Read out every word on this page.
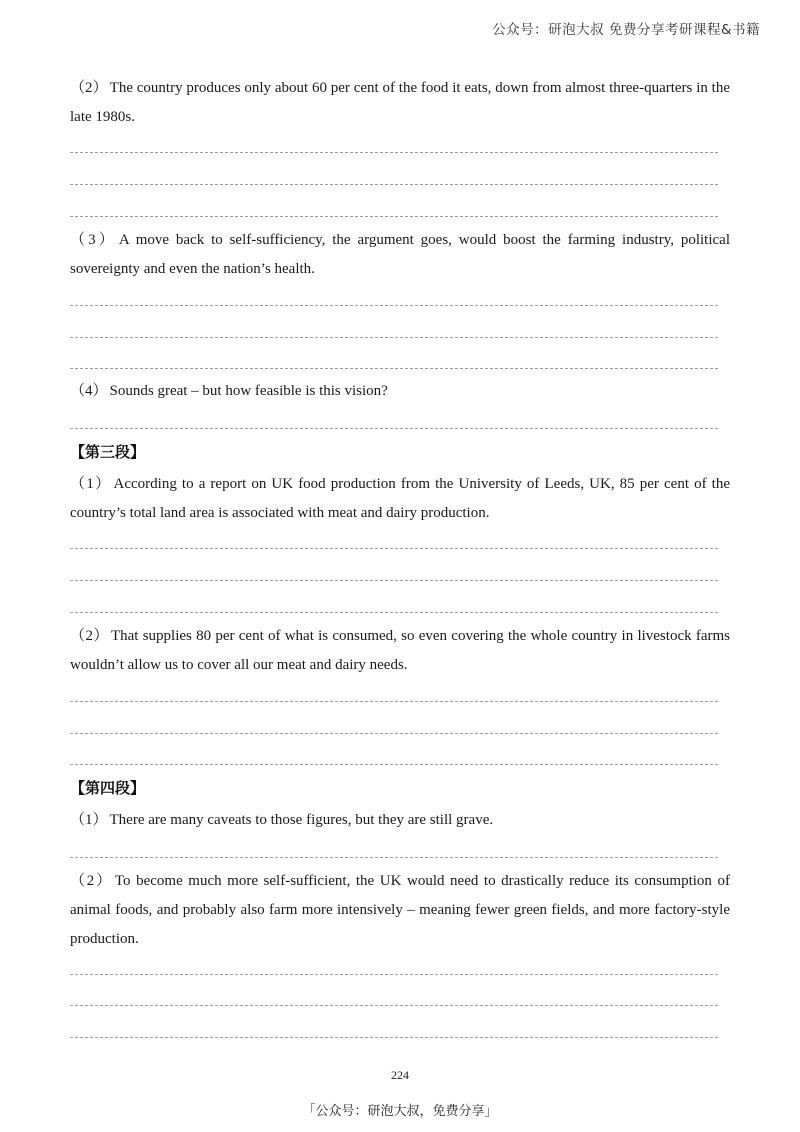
公众号：研泡大叔 免费分享考研课程&书籍
（2） The country produces only about 60 per cent of the food it eats, down from almost three-quarters in the late 1980s.
（3） A move back to self-sufficiency, the argument goes, would boost the farming industry, political sovereignty and even the nation’s health.
（4） Sounds great – but how feasible is this vision?
【第三段】
（1） According to a report on UK food production from the University of Leeds, UK, 85 per cent of the country’s total land area is associated with meat and dairy production.
（2） That supplies 80 per cent of what is consumed, so even covering the whole country in livestock farms wouldn’t allow us to cover all our meat and dairy needs.
【第四段】
（1） There are many caveats to those figures, but they are still grave.
（2） To become much more self-sufficient, the UK would need to drastically reduce its consumption of animal foods, and probably also farm more intensively – meaning fewer green fields, and more factory-style production.
224
「公众号：研泡大叔，免费分享」
